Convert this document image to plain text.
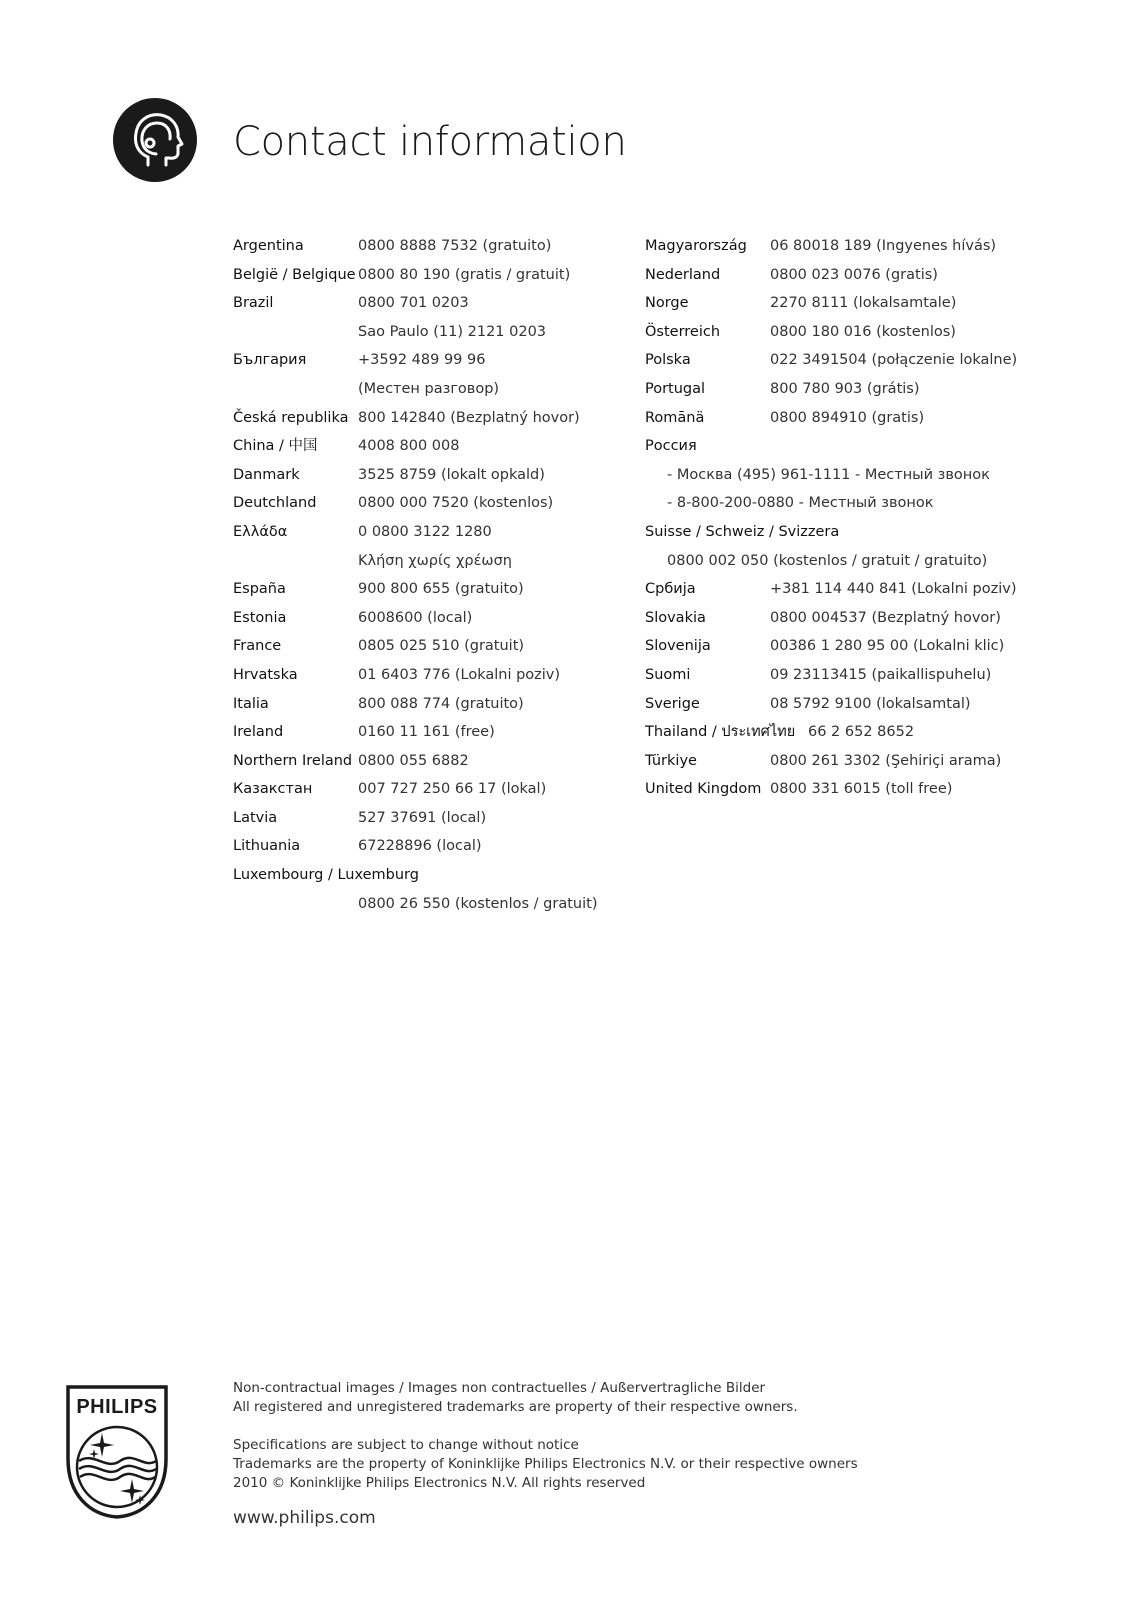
Contact information
Argentina	0800 8888 7532 (gratuito)
België / Belgique 0800 80 190 (gratis / gratuit)
Brazil	0800 701 0203
Sao Paulo (11) 2121 0203
България	+3592 489 99 96
(Местен разговор)
Česká republika 800 142840 (Bezplatný hovor)
China / 中国	4008 800 008
Danmark	3525 8759 (lokalt opkald)
Deutchland	0800 000 7520 (kostenlos)
Ελλάδα	0 0800 3122 1280
Κλήση χωρίς χρέωση
España	900 800 655 (gratuito)
Estonia	6008600 (local)
France	0805 025 510 (gratuit)
Hrvatska	01 6403 776 (Lokalni poziv)
Italia	800 088 774 (gratuito)
Ireland	0160 11 161 (free)
Northern Ireland 0800 055 6882
Казакстан	007 727 250 66 17 (lokal)
Latvia	527 37691 (local)
Lithuania	67228896 (local)
Luxembourg / Luxemburg
0800 26 550 (kostenlos / gratuit)
Magyarország 06 80018 189 (Ingyenes hívás)
Nederland	0800 023 0076 (gratis)
Norge	2270 8111 (lokalsamtale)
Österreich	0800 180 016 (kostenlos)
Polska	022 3491504 (połączenie lokalne)
Portugal	800 780 903 (grátis)
Romānä	0800 894910 (gratis)
Россия
- Москва (495) 961-1111 - Местный звонок
- 8-800-200-0880 - Местный звонок
Suisse / Schweiz / Svizzera
0800 002 050 (kostenlos / gratuit / gratuito)
Србија	+381 114 440 841 (Lokalni poziv)
Slovakia	0800 004537 (Bezplatný hovor)
Slovenija	00386 1 280 95 00 (Lokalni klic)
Suomi	09 23113415 (paikallispuhelu)
Sverige	08 5792 9100 (lokalsamtal)
Thailand / ประเทศไทย 66 2 652 8652
Türkiye	0800 261 3302 (Şehiriçi arama)
United Kingdom 0800 331 6015 (toll free)
PHILIPS

Non-contractual images / Images non contractuelles / Außervertragliche Bilder

All registered and unregistered trademarks are property of their respective owners.

Specifications are subject to change without notice

Trademarks are the property of Koninklijke Philips Electronics N.V. or their respective owners

2010 © Koninklijke Philips Electronics N.V. All rights reserved

www.philips.com
